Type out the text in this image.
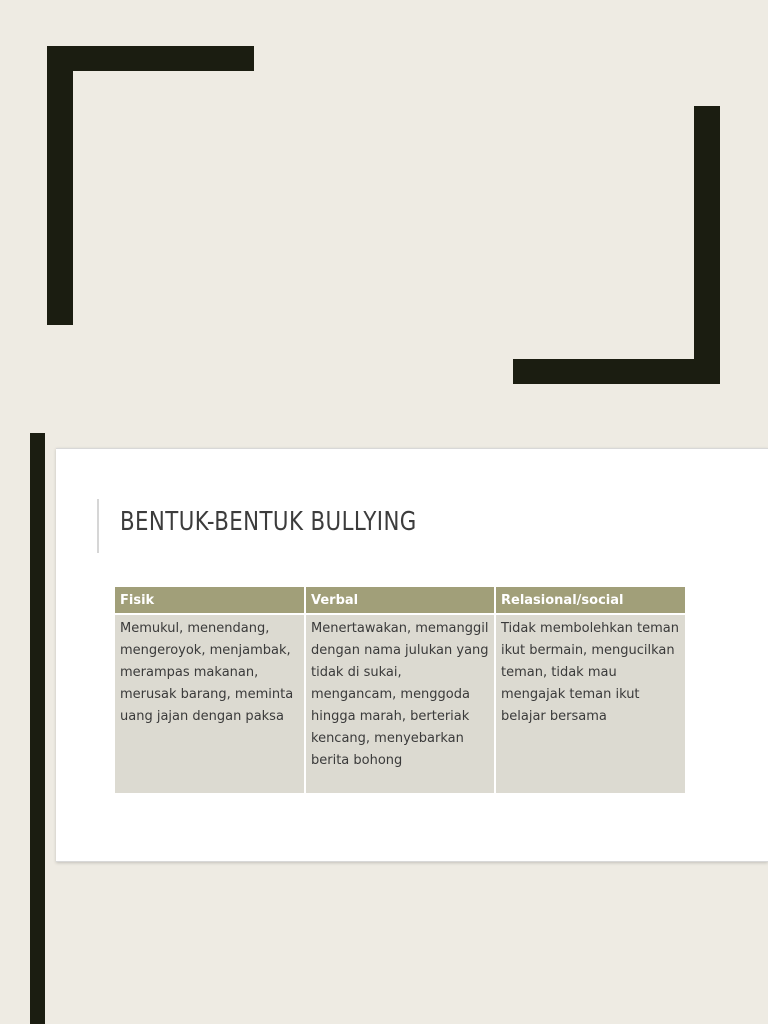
BENTUK-BENTUK BULLYING
Fisik	Verbal	Relasional/social
Memukul, menendang, mengeroyok, menjambak, merampas makanan, merusak barang, meminta uang jajan dengan paksa	Menertawakan, memanggil dengan nama julukan yang tidak di sukai, mengancam, menggoda hingga marah, berteriak kencang, menyebarkan berita bohong	Tidak membolehkan teman ikut bermain, mengucilkan teman, tidak mau mengajak teman ikut belajar bersama
